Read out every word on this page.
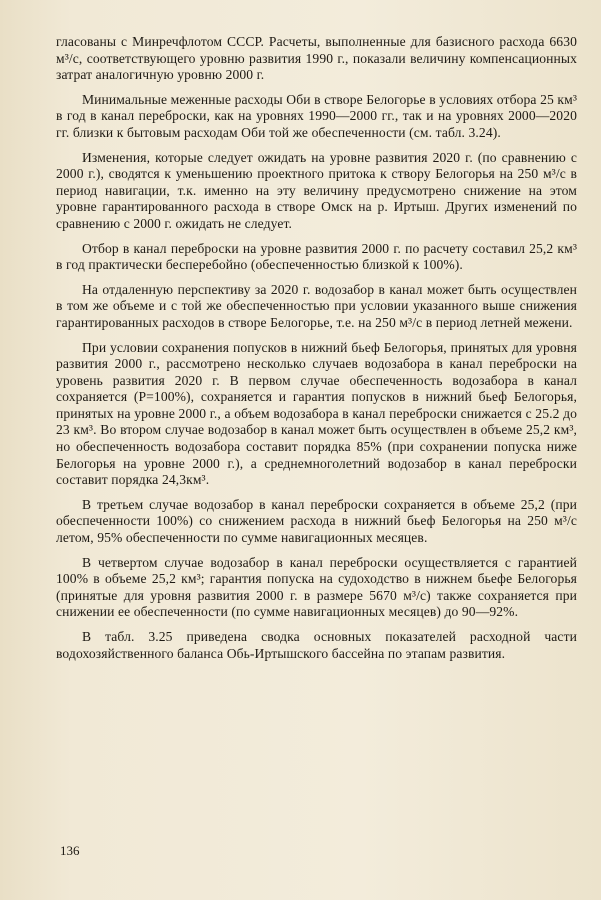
гласованы с Минречфлотом СССР. Расчеты, выполненные для базисного расхода 6630 м³/с, соответствующего уровню развития 1990 г., показали величину компенсационных затрат аналогичную уровню 2000 г.

Минимальные меженные расходы Оби в створе Белогорье в условиях отбора 25 км³ в год в канал переброски, как на уровнях 1990—2000 гг., так и на уровнях 2000—2020 гг. близки к бытовым расходам Оби той же обеспеченности (см. табл. 3.24).

Изменения, которые следует ожидать на уровне развития 2020 г. (по сравнению с 2000 г.), сводятся к уменьшению проектного притока к створу Белогорья на 250 м³/с в период навигации, т.к. именно на эту величину предусмотрено снижение на этом уровне гарантированного расхода в створе Омск на р. Иртыш. Других изменений по сравнению с 2000 г. ожидать не следует.

Отбор в канал переброски на уровне развития 2000 г. по расчету составил 25,2 км³ в год практически бесперебойно (обеспеченностью близкой к 100%).

На отдаленную перспективу за 2020 г. водозабор в канал может быть осуществлен в том же объеме и с той же обеспеченностью при условии указанного выше снижения гарантированных расходов в створе Белогорье, т.е. на 250 м³/с в период летней межени.

При условии сохранения попусков в нижний бьеф Белогорья, принятых для уровня развития 2000 г., рассмотрено несколько случаев водозабора в канал переброски на уровень развития 2020 г. В первом случае обеспеченность водозабора в канал сохраняется (P=100%), сохраняется и гарантия попусков в нижний бьеф Белогорья, принятых на уровне 2000 г., а объем водозабора в канал переброски снижается с 25.2 до 23 км³. Во втором случае водозабор в канал может быть осуществлен в объеме 25,2 км³, но обеспеченность водозабора составит порядка 85% (при сохранении попуска ниже Белогорья на уровне 2000 г.), а среднемноголетний водозабор в канал переброски составит порядка 24,3км³.

В третьем случае водозабор в канал переброски сохраняется в объеме 25,2 (при обеспеченности 100%) со снижением расхода в нижний бьеф Белогорья на 250 м³/с летом, 95% обеспеченности по сумме навигационных месяцев.

В четвертом случае водозабор в канал переброски осуществляется с гарантией 100% в объеме 25,2 км³; гарантия попуска на судоходство в нижнем бьефе Белогорья (принятые для уровня развития 2000 г. в размере 5670 м³/с) также сохраняется при снижении ее обеспеченности (по сумме навигационных месяцев) до 90—92%.

В табл. 3.25 приведена сводка основных показателей расходной части водохозяйственного баланса Обь-Иртышского бассейна по этапам развития.

136
